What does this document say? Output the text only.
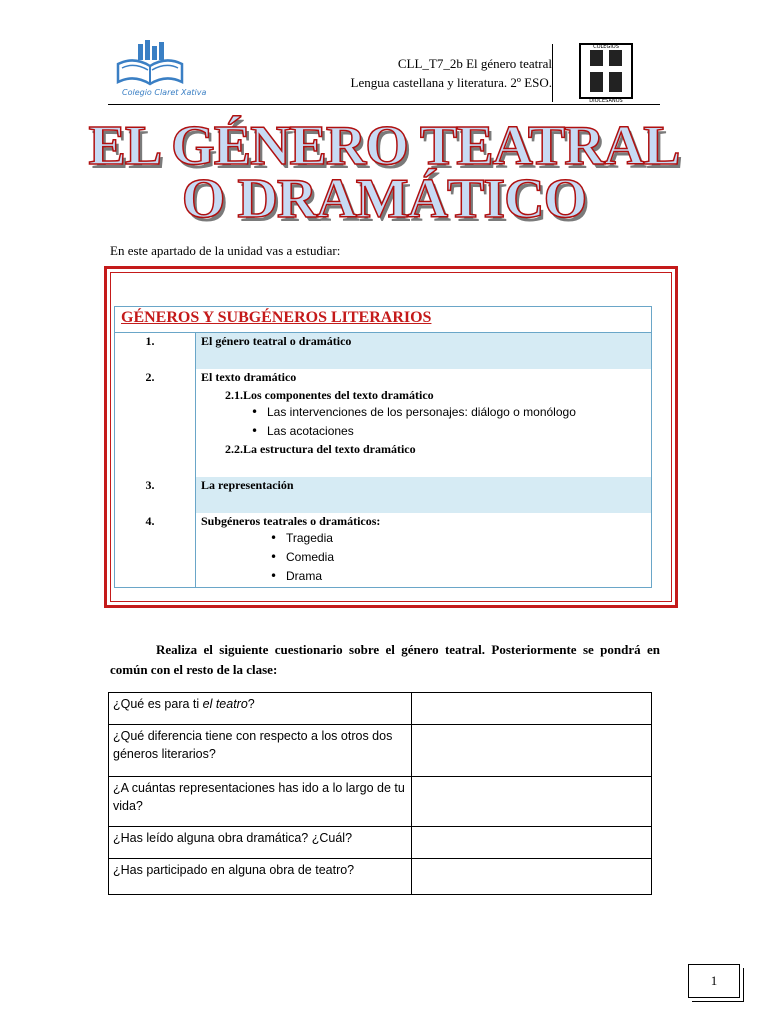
Colegio Claret Xativa
CLL_T7_2b El género teatral
Lengua castellana y literatura. 2º ESO.
COLEGIOS
DIOCESANOS
EL GÉNERO TEATRAL
O DRAMÁTICO
En este apartado de la unidad vas a estudiar:
GÉNEROS Y SUBGÉNEROS LITERARIOS
1.	El género teatral o dramático
2.	El texto dramático
2.1.Los componentes del texto dramático
• Las intervenciones de los personajes: diálogo o monólogo
• Las acotaciones
2.2.La estructura del texto dramático
3.	La representación
4.	Subgéneros teatrales o dramáticos:
• Tragedia
• Comedia
• Drama
Realiza el siguiente cuestionario sobre el género teatral. Posteriormente se pondrá en común con el resto de la clase:
¿Qué es para ti el teatro?	
¿Qué diferencia tiene con respecto a los otros dos géneros literarios?	
¿A cuántas representaciones has ido a lo largo de tu vida?	
¿Has leído alguna obra dramática? ¿Cuál?	
¿Has participado en alguna obra de teatro?	
1
